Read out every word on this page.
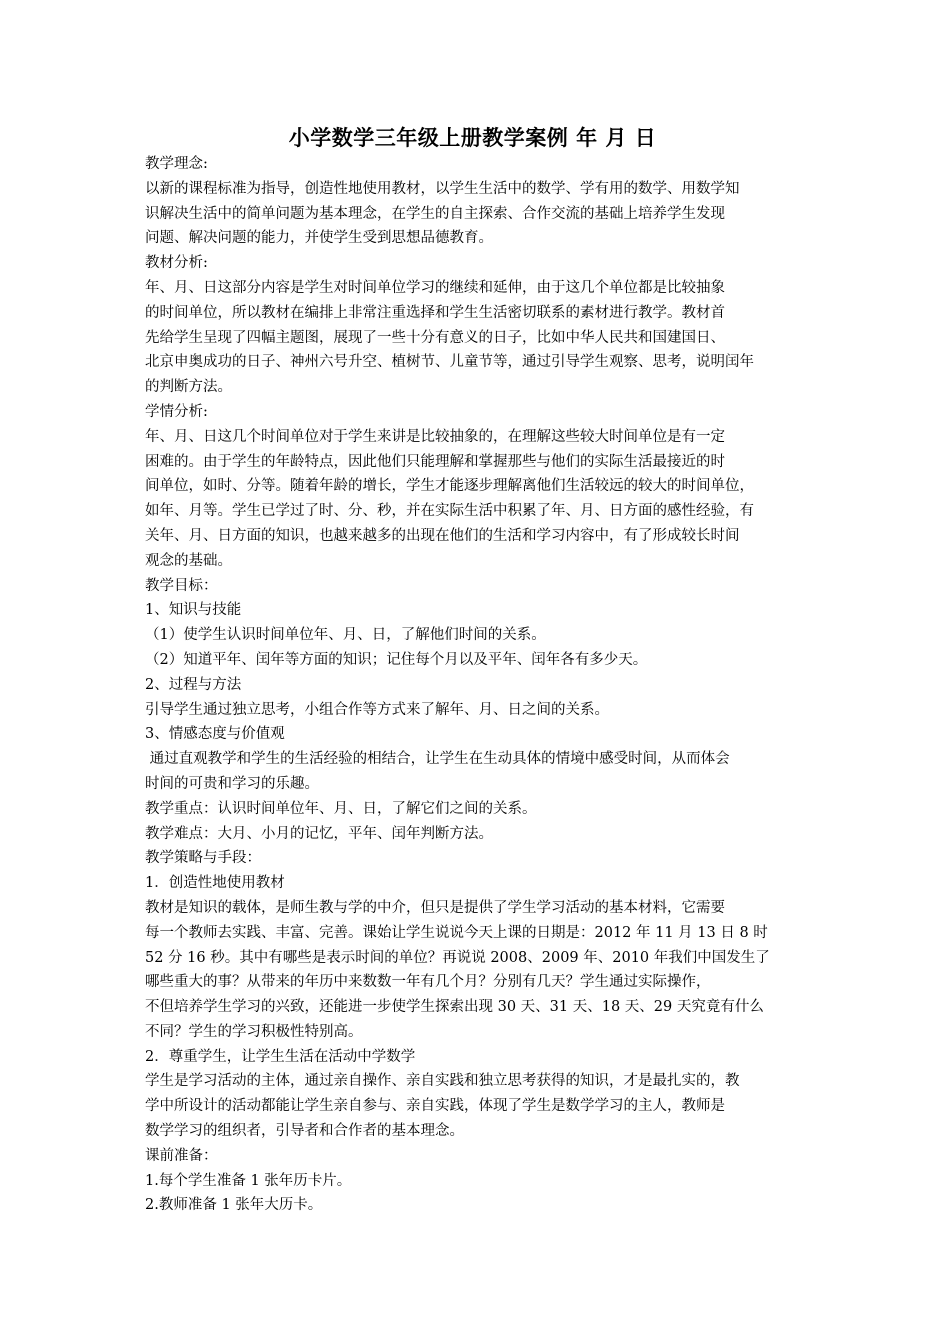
小学数学三年级上册教学案例 年 月 日

教学理念:

以新的课程标准为指导，创造性地使用教材，以学生生活中的数学、学有用的数学、用数学知

识解决生活中的简单问题为基本理念，在学生的自主探索、合作交流的基础上培养学生发现

问题、解决问题的能力，并使学生受到思想品德教育。

教材分析:

年、月、日这部分内容是学生对时间单位学习的继续和延伸，由于这几个单位都是比较抽象

的时间单位，所以教材在编排上非常注重选择和学生生活密切联系的素材进行教学。教材首

先给学生呈现了四幅主题图，展现了一些十分有意义的日子，比如中华人民共和国建国日、

北京申奥成功的日子、神州六号升空、植树节、儿童节等，通过引导学生观察、思考，说明闰年

的判断方法。

学情分析:

年、月、日这几个时间单位对于学生来讲是比较抽象的，在理解这些较大时间单位是有一定

困难的。由于学生的年龄特点，因此他们只能理解和掌握那些与他们的实际生活最接近的时

间单位，如时、分等。随着年龄的增长，学生才能逐步理解离他们生活较远的较大的时间单位，

如年、月等。学生已学过了时、分、秒，并在实际生活中积累了年、月、日方面的感性经验，有

关年、月、日方面的知识，也越来越多的出现在他们的生活和学习内容中，有了形成较长时间

观念的基础。

教学目标：

1、知识与技能

（1）使学生认识时间单位年、月、日，了解他们时间的关系。

（2）知道平年、闰年等方面的知识；记住每个月以及平年、闰年各有多少天。

2、过程与方法

引导学生通过独立思考，小组合作等方式来了解年、月、日之间的关系。

3、情感态度与价值观

通过直观教学和学生的生活经验的相结合，让学生在生动具体的情境中感受时间，从而体会

时间的可贵和学习的乐趣。

教学重点：认识时间单位年、月、日，了解它们之间的关系。

教学难点：大月、小月的记忆，平年、闰年判断方法。

教学策略与手段：

1．创造性地使用教材

教材是知识的载体，是师生教与学的中介，但只是提供了学生学习活动的基本材料，它需要

每一个教师去实践、丰富、完善。课始让学生说说今天上课的日期是：2012 年 11 月 13 日 8 时

52 分 16 秒。其中有哪些是表示时间的单位？再说说 2008、2009 年、2010 年我们中国发生了

哪些重大的事？从带来的年历中来数数一年有几个月？分别有几天？学生通过实际操作，

不但培养学生学习的兴致，还能进一步使学生探索出现 30 天、31 天、18 天、29 天究竟有什么

不同？学生的学习积极性特别高。

2．尊重学生，让学生生活在活动中学数学

学生是学习活动的主体，通过亲自操作、亲自实践和独立思考获得的知识，才是最扎实的，教

学中所设计的活动都能让学生亲自参与、亲自实践，体现了学生是数学学习的主人，教师是

数学学习的组织者，引导者和合作者的基本理念。

课前准备：

1.每个学生准备 1 张年历卡片。

2.教师准备 1 张年大历卡。
